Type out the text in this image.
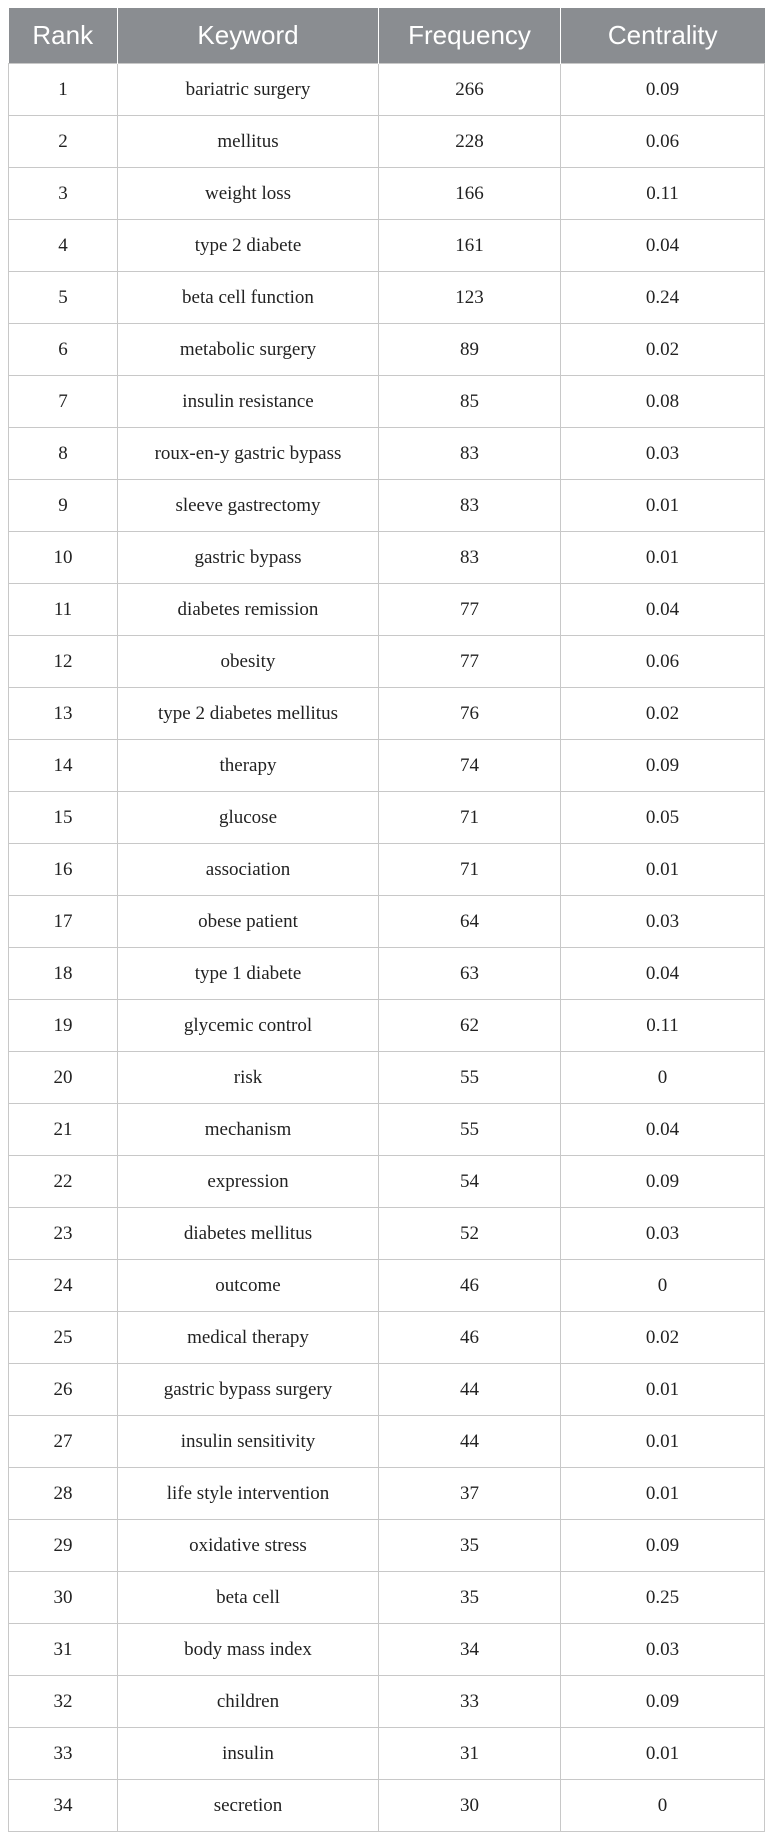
Rank	Keyword	Frequency	Centrality
1	bariatric surgery	266	0.09
2	mellitus	228	0.06
3	weight loss	166	0.11
4	type 2 diabete	161	0.04
5	beta cell function	123	0.24
6	metabolic surgery	89	0.02
7	insulin resistance	85	0.08
8	roux-en-y gastric bypass	83	0.03
9	sleeve gastrectomy	83	0.01
10	gastric bypass	83	0.01
11	diabetes remission	77	0.04
12	obesity	77	0.06
13	type 2 diabetes mellitus	76	0.02
14	therapy	74	0.09
15	glucose	71	0.05
16	association	71	0.01
17	obese patient	64	0.03
18	type 1 diabete	63	0.04
19	glycemic control	62	0.11
20	risk	55	0
21	mechanism	55	0.04
22	expression	54	0.09
23	diabetes mellitus	52	0.03
24	outcome	46	0
25	medical therapy	46	0.02
26	gastric bypass surgery	44	0.01
27	insulin sensitivity	44	0.01
28	life style intervention	37	0.01
29	oxidative stress	35	0.09
30	beta cell	35	0.25
31	body mass index	34	0.03
32	children	33	0.09
33	insulin	31	0.01
34	secretion	30	0
